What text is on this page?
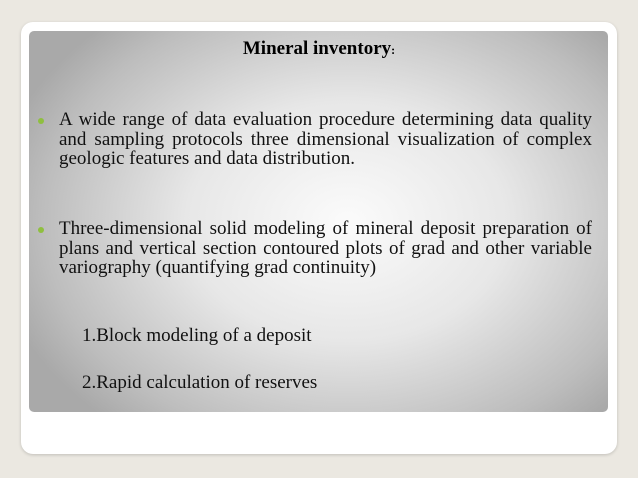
Mineral inventory:

A wide range of data evaluation procedure determining data quality and sampling protocols three dimensional visualization of complex geologic features and data distribution.
Three-dimensional solid modeling of mineral deposit preparation of plans and vertical section contoured plots of grad and other variable variography (quantifying grad continuity)
1.Block modeling of a deposit
2.Rapid calculation of reserves
